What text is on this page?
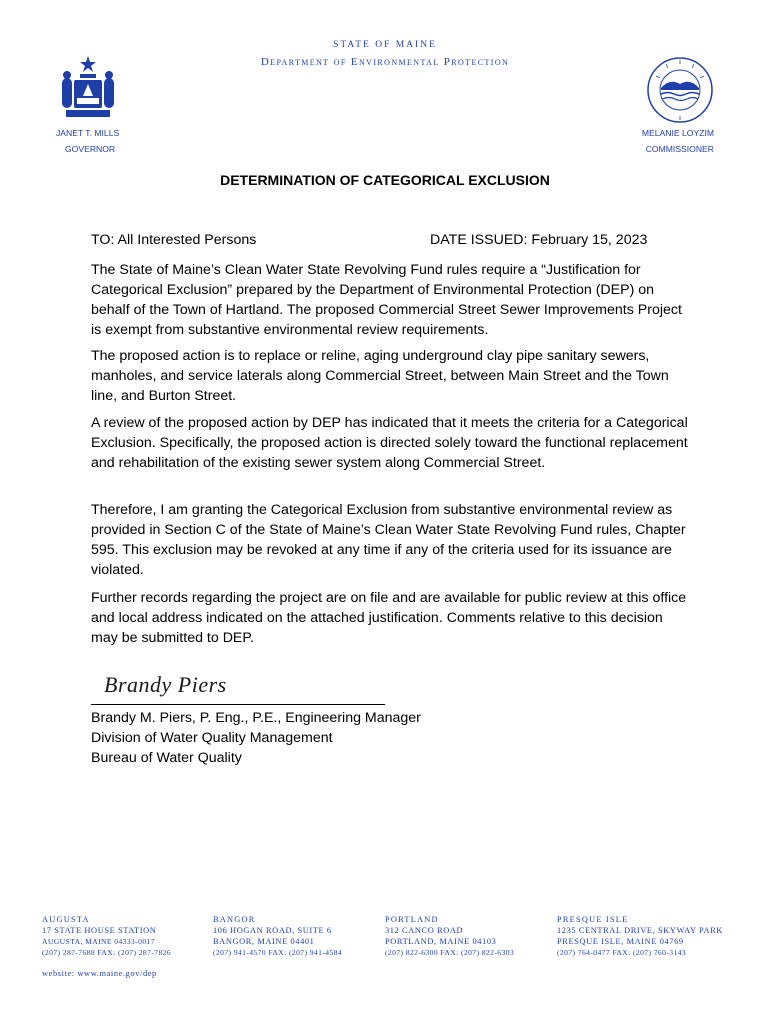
STATE OF MAINE
Department of Environmental Protection
JANET T. MILLS
GOVERNOR
MELANIE LOYZIM
COMMISSIONER
DETERMINATION OF CATEGORICAL EXCLUSION
TO: All Interested Persons	DATE ISSUED: February 15, 2023
The State of Maine’s Clean Water State Revolving Fund rules require a “Justification for Categorical Exclusion” prepared by the Department of Environmental Protection (DEP) on behalf of the Town of Hartland. The proposed Commercial Street Sewer Improvements Project is exempt from substantive environmental review requirements.
The proposed action is to replace or reline, aging underground clay pipe sanitary sewers, manholes, and service laterals along Commercial Street, between Main Street and the Town line, and Burton Street.
A review of the proposed action by DEP has indicated that it meets the criteria for a Categorical Exclusion. Specifically, the proposed action is directed solely toward the functional replacement and rehabilitation of the existing sewer system along Commercial Street.
Therefore, I am granting the Categorical Exclusion from substantive environmental review as provided in Section C of the State of Maine’s Clean Water State Revolving Fund rules, Chapter 595. This exclusion may be revoked at any time if any of the criteria used for its issuance are violated.
Further records regarding the project are on file and are available for public review at this office and local address indicated on the attached justification. Comments relative to this decision may be submitted to DEP.
Brandy Piers
Brandy M. Piers, P. Eng., P.E., Engineering Manager
Division of Water Quality Management
Bureau of Water Quality
AUGUSTA
17 STATE HOUSE STATION
AUGUSTA, MAINE 04333-0017
(207) 287-7688 FAX: (207) 287-7826
BANGOR
106 HOGAN ROAD, SUITE 6
BANGOR, MAINE 04401
(207) 941-4570 FAX: (207) 941-4584
PORTLAND
312 CANCO ROAD
PORTLAND, MAINE 04103
(207) 822-6300 FAX: (207) 822-6303
PRESQUE ISLE
1235 CENTRAL DRIVE, SKYWAY PARK
PRESQUE ISLE, MAINE 04769
(207) 764-0477 FAX: (207) 760-3143
website: www.maine.gov/dep
